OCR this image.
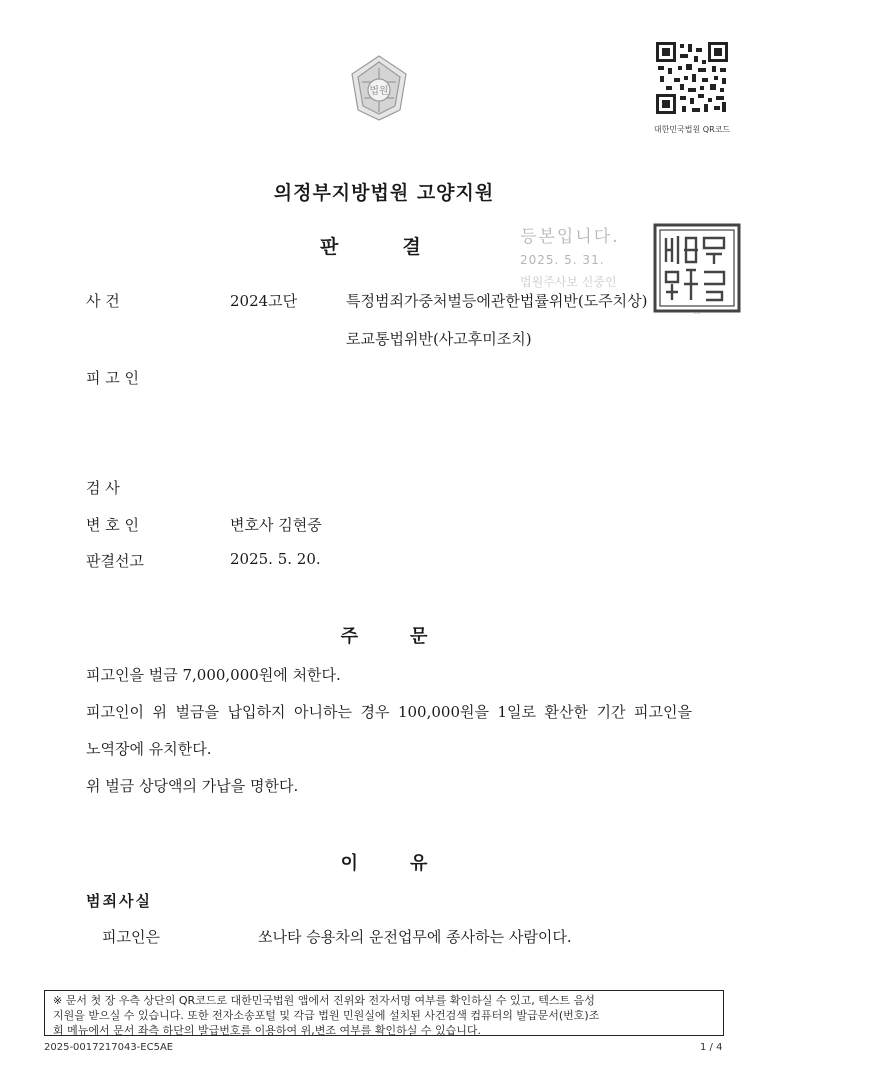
법원
대한민국법원 QR코드
의정부지방법원 고양지원
판	결	등본입니다.
2025. 5. 31.
법원주사보 신중인
대한민국법원
사 건	2024고단	특정범죄가중처벌등에관한법률위반(도주치상)
로교통법위반(사고후미조치)
피 고 인
검 사
변 호 인	변호사 김현중
판결선고	2025. 5. 20.
주	문
피고인을 벌금 7,000,000원에 처한다.
피고인이 위 벌금을 납입하지 아니하는 경우 100,000원을 1일로 환산한 기간 피고인을
노역장에 유치한다.
위 벌금 상당액의 가납을 명한다.
이	유
범죄사실
피고인은	쏘나타 승용차의 운전업무에 종사하는 사람이다.
※ 문서 첫 장 우측 상단의 QR코드로 대한민국법원 앱에서 진위와 전자서명 여부를 확인하실 수 있고, 텍스트 음성
지원을 받으실 수 있습니다. 또한 전자소송포털 및 각급 법원 민원실에 설치된 사건검색 컴퓨터의 발급문서(번호)조
회 메뉴에서 문서 좌측 하단의 발급번호를 이용하여 위,변조 여부를 확인하실 수 있습니다.
2025-0017217043-EC5AE	1 / 4
